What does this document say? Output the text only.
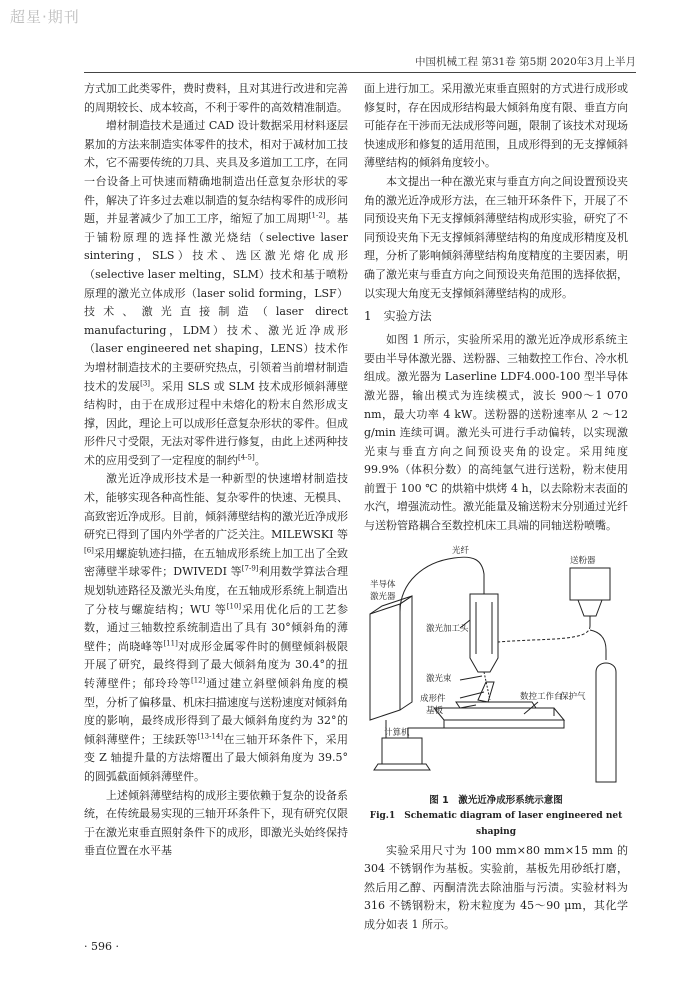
超星·期刊
中国机械工程 第31卷 第5期 2020年3月上半月

方式加工此类零件，费时费料，且对其进行改进和完善的周期较长、成本较高，不利于零件的高效精准制造。

增材制造技术是通过 CAD 设计数据采用材料逐层累加的方法来制造实体零件的技术，相对于减材加工技术，它不需要传统的刀具、夹具及多道加工工序，在同一台设备上可快速而精确地制造出任意复杂形状的零件，解决了许多过去难以制造的复杂结构零件的成形问题，并显著减少了加工工序，缩短了加工周期[1-2]。基于铺粉原理的选择性激光烧结（selective laser sintering，SLS）技术、选区激光熔化成形（selective laser melting，SLM）技术和基于喷粉原理的激光立体成形（laser solid forming，LSF）技术、激光直接制造（laser direct manufacturing，LDM）技术、激光近净成形（laser engineered net shaping，LENS）技术作为增材制造技术的主要研究热点，引领着当前增材制造技术的发展[3]。采用 SLS 或 SLM 技术成形倾斜薄壁结构时，由于在成形过程中未熔化的粉末自然形成支撑，因此，理论上可以成形任意复杂形状的零件。但成形件尺寸受限，无法对零件进行修复，由此上述两种技术的应用受到了一定程度的制约[4-5]。

激光近净成形技术是一种新型的快速增材制造技术，能够实现各种高性能、复杂零件的快速、无模具、高致密近净成形。目前，倾斜薄壁结构的激光近净成形研究已得到了国内外学者的广泛关注。MILEWSKI 等[6]采用螺旋轨迹扫描，在五轴成形系统上加工出了全致密薄壁半球零件；DWIVEDI 等[7-9]利用数学算法合理规划轨迹路径及激光头角度，在五轴成形系统上制造出了分枝与螺旋结构；WU 等[10]采用优化后的工艺参数，通过三轴数控系统制造出了具有 30°倾斜角的薄壁件；尚晓峰等[11]对成形金属零件时的侧壁倾斜极限开展了研究，最终得到了最大倾斜角度为 30.4°的扭转薄壁件；郁玲玲等[12]通过建立斜壁倾斜角度的模型，分析了偏移量、机床扫描速度与送粉速度对倾斜角度的影响，最终成形得到了最大倾斜角度约为 32°的倾斜薄壁件；王续跃等[13-14]在三轴开环条件下，采用变 Z 轴提升量的方法熔覆出了最大倾斜角度为 39.5°的圆弧截面倾斜薄壁件。

上述倾斜薄壁结构的成形主要依赖于复杂的设备系统，在传统最易实现的三轴开环条件下，现有研究仅限于在激光束垂直照射条件下的成形，即激光头始终保持垂直位置在水平基

面上进行加工。采用激光束垂直照射的方式进行成形或修复时，存在因成形结构最大倾斜角度有限、垂直方向可能存在干涉而无法成形等问题，限制了该技术对现场快速成形和修复的适用范围，且成形得到的无支撑倾斜薄壁结构的倾斜角度较小。

本文提出一种在激光束与垂直方向之间设置预设夹角的激光近净成形方法，在三轴开环条件下，开展了不同预设夹角下无支撑倾斜薄壁结构成形实验，研究了不同预设夹角下无支撑倾斜薄壁结构的角度成形精度及机理，分析了影响倾斜薄壁结构角度精度的主要因素，明确了激光束与垂直方向之间预设夹角范围的选择依据，以实现大角度无支撑倾斜薄壁结构的成形。

1　实验方法

如图 1 所示，实验所采用的激光近净成形系统主要由半导体激光器、送粉器、三轴数控工作台、冷水机组成。激光器为 Laserline LDF4.000-100 型半导体激光器，输出模式为连续模式，波长 900～1 070 nm，最大功率 4 kW。送粉器的送粉速率从 2 ～12 g/min 连续可调。激光头可进行手动偏转，以实现激光束与垂直方向之间预设夹角的设定。采用纯度 99.9%（体积分数）的高纯氩气进行送粉，粉末使用前置于 100 ℃ 的烘箱中烘烤 4 h，以去除粉末表面的水汽，增强流动性。激光能量及输送粉末分别通过光纤与送粉管路耦合至数控机床工具端的同轴送粉喷嘴。

光纤
半导体
激光器
送粉器
激光加工头
激光束
成形件
基板
数控工作台
计算机
保护气
图 1　激光近净成形系统示意图
Fig.1　Schematic diagram of laser engineered net shaping

实验采用尺寸为 100 mm×80 mm×15 mm 的 304 不锈钢作为基板。实验前，基板先用砂纸打磨，然后用乙醇、丙酮清洗去除油脂与污渍。实验材料为 316 不锈钢粉末，粉末粒度为 45～90 μm，其化学成分如表 1 所示。

· 596 ·
